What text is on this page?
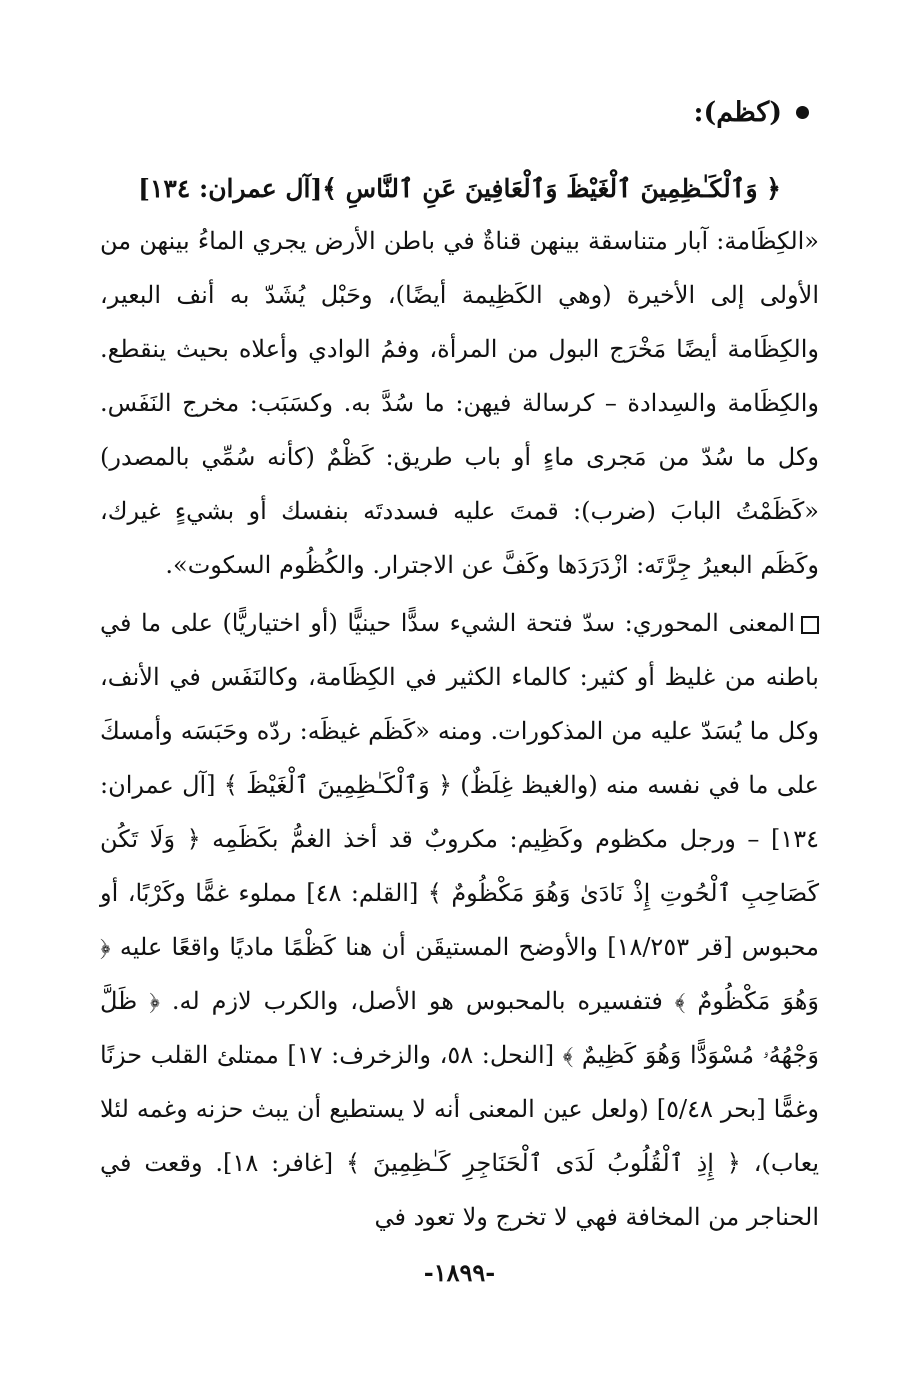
(كظم):
﴿ وَٱلْكَـٰظِمِينَ ٱلْغَيْظَ وَٱلْعَافِينَ عَنِ ٱلنَّاسِ ﴾[آل عمران: ١٣٤]

«الكِظَامة: آبار متناسقة بينهن قناةٌ في باطن الأرض يجري الماءُ بينهن من الأولى إلى الأخيرة (وهي الكَظِيمة أيضًا)، وحَبْل يُشَدّ به أنف البعير، والكِظَامة أيضًا مَخْرَج البول من المرأة، وفمُ الوادي وأعلاه بحيث ينقطع. والكِظَامة والسِدادة – كرسالة فيهن: ما سُدَّ به. وكسَبَب: مخرج النَفَس. وكل ما سُدّ من مَجرى ماءٍ أو باب طريق: كَظْمٌ (كأنه سُمِّي بالمصدر) «كَظَمْتُ البابَ (ضرب): قمتَ عليه فسددتَه بنفسك أو بشيءٍ غيرك، وكَظَم البعيرُ جِرَّتَه: ازْدَرَدَها وكَفَّ عن الاجترار. والكُظُوم السكوت».

المعنى المحوري: سدّ فتحة الشيء سدًّا حينيًّا (أو اختياريًّا) على ما في باطنه من غليظ أو كثير: كالماء الكثير في الكِظَامة، وكالنَفَس في الأنف، وكل ما يُسَدّ عليه من المذكورات. ومنه «كَظَم غيظَه: ردّه وحَبَسَه وأمسكَ على ما في نفسه منه (والغيظ غِلَظٌ) ﴿ وَٱلْكَـٰظِمِينَ ٱلْغَيْظَ ﴾ [آل عمران: ١٣٤] – ورجل مكظوم وكَظِيم: مكروبٌ قد أخذ الغمُّ بكَظَمِه ﴿ وَلَا تَكُن كَصَاحِبِ ٱلْحُوتِ إِذْ نَادَىٰ وَهُوَ مَكْظُومٌ ﴾ [القلم: ٤٨] مملوء غمًّا وكَرْبًا، أو محبوس [قر ١٨/٢٥٣] والأوضح المستيقَن أن هنا كَظْمًا ماديًا واقعًا عليه ﴿ وَهُوَ مَكْظُومٌ ﴾ فتفسيره بالمحبوس هو الأصل، والكرب لازم له. ﴿ ظَلَّ وَجْهُهُۥ مُسْوَدًّا وَهُوَ كَظِيمٌ ﴾ [النحل: ٥٨، والزخرف: ١٧] ممتلئ القلب حزنًا وغمًّا [بحر ٥/٤٨] (ولعل عين المعنى أنه لا يستطيع أن يبث حزنه وغمه لئلا يعاب)، ﴿ إِذِ ٱلْقُلُوبُ لَدَى ٱلْحَنَاجِرِ كَـٰظِمِينَ ﴾ [غافر: ١٨]. وقعت في الحناجر من المخافة فهي لا تخرج ولا تعود في

-١٨٩٩-
